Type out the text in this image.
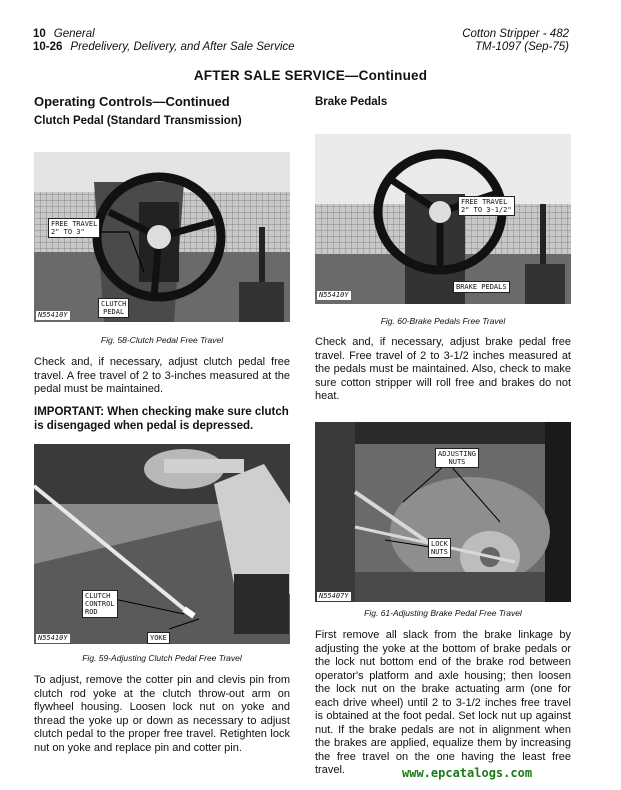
10 General
10-26 Predelivery, Delivery, and After Sale Service
Cotton Stripper - 482
TM-1097 (Sep-75)
AFTER SALE SERVICE—Continued
Operating Controls—Continued
Clutch Pedal (Standard Transmission)
FREE TRAVEL
2" TO 3"
CLUTCH
PEDAL
N55410Y
Fig. 58-Clutch Pedal Free Travel
Check and, if necessary, adjust clutch pedal free travel. A free travel of 2 to 3-inches measured at the pedal must be maintained.
IMPORTANT: When checking make sure clutch is disengaged when pedal is depressed.
CLUTCH
CONTROL
ROD
YOKE
N55410Y
Fig. 59-Adjusting Clutch Pedal Free Travel
To adjust, remove the cotter pin and clevis pin from clutch rod yoke at the clutch throw-out arm on flywheel housing. Loosen lock nut on yoke and thread the yoke up or down as necessary to adjust clutch pedal to the proper free travel. Retighten lock nut on yoke and replace pin and cotter pin.
Brake Pedals
FREE TRAVEL
2" TO 3-1/2"
BRAKE PEDALS
N55410Y
Fig. 60-Brake Pedals Free Travel
Check and, if necessary, adjust brake pedal free travel. Free travel of 2 to 3-1/2 inches measured at the pedals must be maintained. Also, check to make sure cotton stripper will roll free and brakes do not heat.
ADJUSTING
NUTS
LOCK
NUTS
N55407Y
Fig. 61-Adjusting Brake Pedal Free Travel
First remove all slack from the brake linkage by adjusting the yoke at the bottom of brake pedals or the lock nut bottom end of the brake rod between operator's platform and axle housing; then loosen the lock nut on the brake actuating arm (one for each drive wheel) until 2 to 3-1/2 inches free travel is obtained at the foot pedal. Set lock nut up against nut. If the brake pedals are not in alignment when the brakes are applied, equalize them by increasing the free travel on the one having the least free travel.	www.epcatalogs.com
